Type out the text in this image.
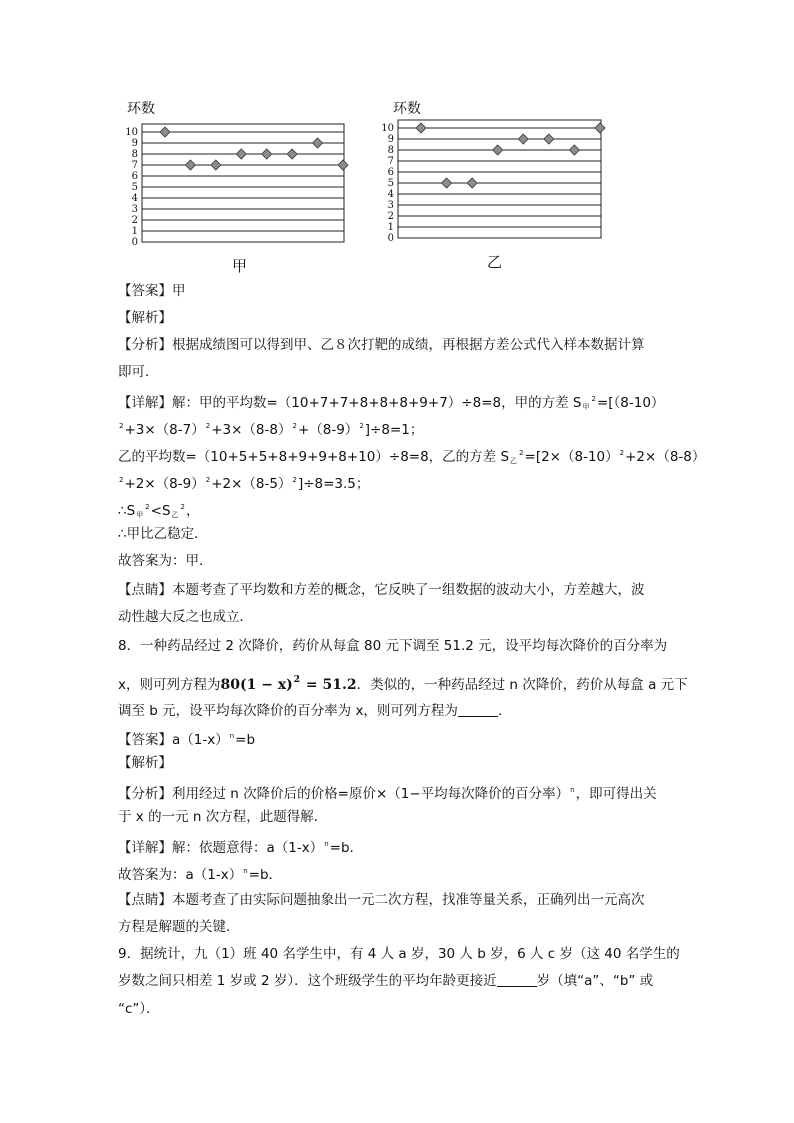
环数
0
1
2
3
4
5
6
7
8
9
10
甲
环数
0
1
2
3
4
5
6
7
8
9
10
乙
【答案】甲
【解析】
【分析】根据成绩图可以得到甲、乙８次打靶的成绩，再根据方差公式代入样本数据计算
即可．
【详解】解：甲的平均数=（10+7+7+8+8+8+9+7）÷8=8，甲的方差 $S_甲^2=[(8-10)$
$^2+3\times(8-7)^2+3\times(8-8)^2+(8-9)^2]\div 8=1$；
乙的平均数=（10+5+5+8+9+9+8+10）÷8=8，乙的方差 $S_乙^2=[2\times(8-10)^2+2\times(8-8)$
$^2+2\times(8-9)^2+2\times(8-5)^2]\div 8=3.5$；
$\therefore S_甲^2<S_乙^2$，
∴甲比乙稳定．
故答案为：甲．
【点睛】本题考查了平均数和方差的概念，它反映了一组数据的波动大小，方差越大，波
动性越大反之也成立．
8．一种药品经过 2 次降价，药价从每盒 80 元下调至 51.2 元，设平均每次降价的百分率为
x，则可列方程为$80(1 - x)^2 = 51.2$．类似的，一种药品经过 n 次降价，药价从每盒 a 元下
调至 b 元，设平均每次降价的百分率为 x，则可列方程为	．
【答案】$a(1-x)^n=b$
【解析】
【分析】利用经过 n 次降价后的价格=原价×（1−平均每次降价的百分率）$^n$，即可得出关
于 x 的一元 n 次方程，此题得解．
【详解】解：依题意得：$a(1-x)^n=b$．
故答案为：$a(1-x)^n=b$．
【点睛】本题考查了由实际问题抽象出一元二次方程，找准等量关系，正确列出一元高次
方程是解题的关键．
9．据统计，九（1）班 40 名学生中，有 4 人 a 岁，30 人 b 岁，6 人 c 岁（这 40 名学生的
岁数之间只相差 1 岁或 2 岁）．这个班级学生的平均年龄更接近	岁（填“a”、“b” 或
“c”）．
